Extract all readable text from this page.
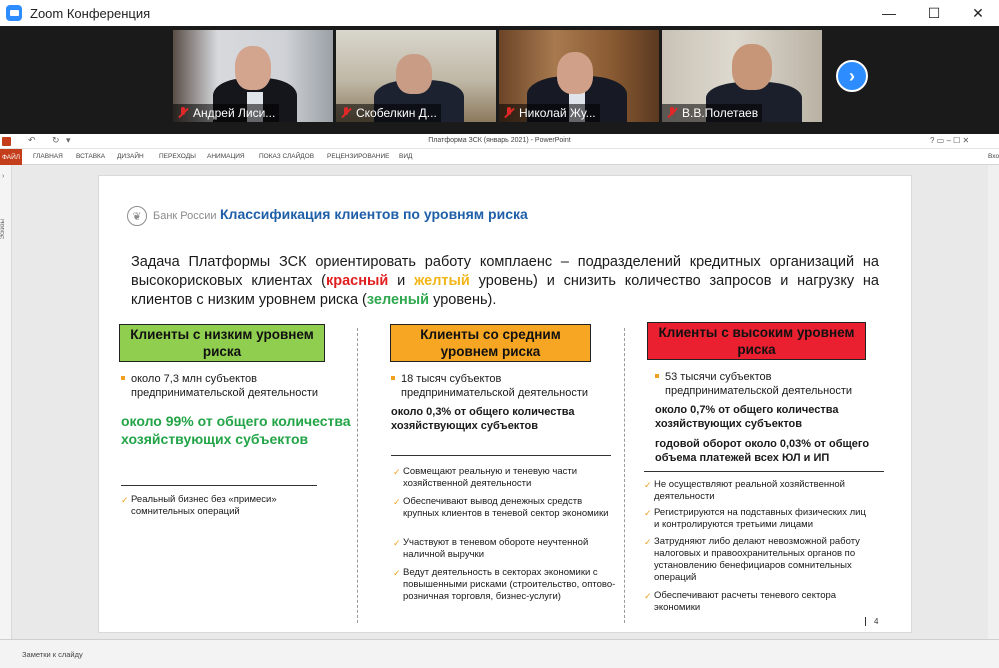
Zoom Конференция	—	☐	✕
Андрей Лиси...	Скобелкин Д...	Николай Жу...	В.В.Полетаев
›
↶ ↻ ▾	Платформа ЗСК (январь 2021) - PowerPoint	? ▭ – ☐ ✕
ФАЙЛ	ГЛАВНАЯ ВСТАВКА ДИЗАЙН ПЕРЕХОДЫ АНИМАЦИЯ ПОКАЗ СЛАЙДОВ РЕЦЕНЗИРОВАНИЕ ВИД	Вхо
›
Эскизы
❦	Банк России Классификация клиентов по уровням риска
Задача Платформы ЗСК ориентировать работу комплаенс – подразделений кредитных организаций на высокорисковых клиентах (красный и желтый уровень) и снизить количество запросов и нагрузку на клиентов с низким уровнем риска (зеленый уровень).
Клиенты с низким уровнем риска
около 7,3 млн субъектов предпринимательской деятельности
около 99% от общего количества хозяйствующих субъектов
✓ Реальный бизнес без «примеси» сомнительных операций
Клиенты со средним уровнем риска
18 тысяч субъектов предпринимательской деятельности
около 0,3% от общего количества хозяйствующих субъектов
✓ Совмещают реальную и теневую части хозяйственной деятельности
✓ Обеспечивают вывод денежных средств крупных клиентов в теневой сектор экономики
✓ Участвуют в теневом обороте неучтенной наличной выручки
✓ Ведут деятельность в секторах экономики с повышенными рисками (строительство, оптово-розничная торговля, бизнес-услуги)
Клиенты с высоким уровнем риска
53 тысячи субъектов предпринимательской деятельности
около 0,7% от общего количества хозяйствующих субъектов
годовой оборот около 0,03% от общего объема платежей всех ЮЛ и ИП
✓ Не осуществляют реальной хозяйственной деятельности
✓ Регистрируются на подставных физических лиц и контролируются третьими лицами
✓ Затрудняют либо делают невозможной работу налоговых и правоохранительных органов по установлению бенефициаров сомнительных операций
✓ Обеспечивают расчеты теневого сектора экономики
4
Заметки к слайду
